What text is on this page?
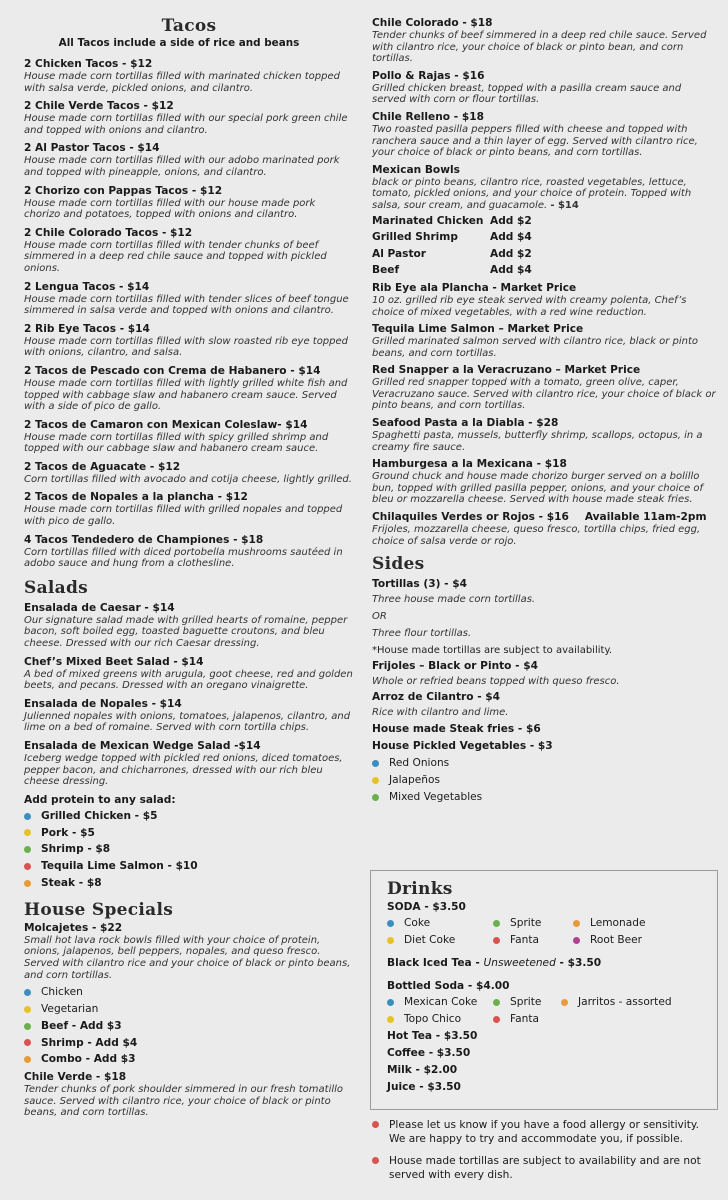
Tacos
All Tacos include a side of rice and beans
2 Chicken Tacos - $12
House made corn tortillas filled with marinated chicken topped with salsa verde, pickled onions, and cilantro.
2 Chile Verde Tacos - $12
House made corn tortillas filled with our special pork green chile and topped with onions and cilantro.
2 Al Pastor Tacos - $14
House made corn tortillas filled with our adobo marinated pork and topped with pineapple, onions, and cilantro.
2 Chorizo con Pappas Tacos - $12
House made corn tortillas filled with our house made pork chorizo and potatoes, topped with onions and cilantro.
2 Chile Colorado Tacos - $12
House made corn tortillas filled with tender chunks of beef simmered in a deep red chile sauce and topped with pickled onions.
2 Lengua Tacos - $14
House made corn tortillas filled with tender slices of beef tongue simmered in salsa verde and topped with onions and cilantro.
2 Rib Eye Tacos - $14
House made corn tortillas filled with slow roasted rib eye topped with onions, cilantro, and salsa.
2 Tacos de Pescado con Crema de Habanero - $14
House made corn tortillas filled with lightly grilled white fish and topped with cabbage slaw and habanero cream sauce. Served with a side of pico de gallo.
2 Tacos de Camaron con Mexican Coleslaw- $14
House made corn tortillas filled with spicy grilled shrimp and topped with our cabbage slaw and habanero cream sauce.
2 Tacos de Aguacate - $12
Corn tortillas filled with avocado and cotija cheese, lightly grilled.
2 Tacos de Nopales a la plancha - $12
House made corn tortillas filled with grilled nopales and topped with pico de gallo.
4 Tacos Tendedero de Championes - $18
Corn tortillas filled with diced portobella mushrooms sautéed in adobo sauce and hung from a clothesline.
Salads
Ensalada de Caesar - $14
Our signature salad made with grilled hearts of romaine, pepper bacon, soft boiled egg, toasted baguette croutons, and bleu cheese. Dressed with our rich Caesar dressing.
Chef’s Mixed Beet Salad - $14
A bed of mixed greens with arugula, goot cheese, red and golden beets, and pecans. Dressed with an oregano vinaigrette.
Ensalada de Nopales - $14
Julienned nopales with onions, tomatoes, jalapenos, cilantro, and lime on a bed of romaine. Served with corn tortilla chips.
Ensalada de Mexican Wedge Salad -$14
Iceberg wedge topped with pickled red onions, diced tomatoes, pepper bacon, and chicharrones, dressed with our rich bleu cheese dressing.
Add protein to any salad:
Grilled Chicken - $5
Pork - $5
Shrimp - $8
Tequila Lime Salmon - $10
Steak - $8
House Specials
Molcajetes - $22
Small hot lava rock bowls filled with your choice of protein, onions, jalapenos, bell peppers, nopales, and queso fresco. Served with cilantro rice and your choice of black or pinto beans, and corn tortillas.
Chicken
Vegetarian
Beef - Add $3
Shrimp - Add $4
Combo - Add $3
Chile Verde - $18
Tender chunks of pork shoulder simmered in our fresh tomatillo sauce. Served with cilantro rice, your choice of black or pinto beans, and corn tortillas.
Chile Colorado - $18
Tender chunks of beef simmered in a deep red chile sauce. Served with cilantro rice, your choice of black or pinto bean, and corn tortillas.
Pollo & Rajas - $16
Grilled chicken breast, topped with a pasilla cream sauce and served with corn or flour tortillas.
Chile Relleno - $18
Two roasted pasilla peppers filled with cheese and topped with ranchera sauce and a thin layer of egg. Served with cilantro rice, your choice of black or pinto beans, and corn tortillas.
Mexican Bowls
black or pinto beans, cilantro rice, roasted vegetables, lettuce, tomato, pickled onions, and your choice of protein. Topped with salsa, sour cream, and guacamole. - $14
Marinated Chicken Add $2
Grilled Shrimp	Add $4
Al Pastor	Add $2
Beef	Add $4
Rib Eye ala Plancha - Market Price
10 oz. grilled rib eye steak served with creamy polenta, Chef’s choice of mixed vegetables, with a red wine reduction.
Tequila Lime Salmon – Market Price
Grilled marinated salmon served with cilantro rice, black or pinto beans, and corn tortillas.
Red Snapper a la Veracruzano – Market Price
Grilled red snapper topped with a tomato, green olive, caper, Veracruzano sauce. Served with cilantro rice, your choice of black or pinto beans, and corn tortillas.
Seafood Pasta a la Diabla - $28
Spaghetti pasta, mussels, butterfly shrimp, scallops, octopus, in a creamy fire sauce.
Hamburgesa a la Mexicana - $18
Ground chuck and house made chorizo burger served on a bolillo bun, topped with grilled pasilla pepper, onions, and your choice of bleu or mozzarella cheese. Served with house made steak fries.
Chilaquiles Verdes or Rojos - $16 Available 11am-2pm
Frijoles, mozzarella cheese, queso fresco, tortilla chips, fried egg, choice of salsa verde or rojo.
Sides
Tortillas (3) - $4
Three house made corn tortillas.
OR
Three flour tortillas.
*House made tortillas are subject to availability.
Frijoles – Black or Pinto - $4
Whole or refried beans topped with queso fresco.
Arroz de Cilantro - $4
Rice with cilantro and lime.
House made Steak fries - $6
House Pickled Vegetables - $3
Red Onions
Jalapeños
Mixed Vegetables
Drinks
SODA - $3.50
Coke	Sprite	Lemonade
Diet Coke	Fanta	Root Beer
Black Iced Tea - Unsweetened - $3.50
Bottled Soda - $4.00
Mexican Coke	Sprite	Jarritos - assorted
Topo Chico	Fanta
Hot Tea - $3.50
Coffee - $3.50
Milk - $2.00
Juice - $3.50
Please let us know if you have a food allergy or sensitivity. We are happy to try and accommodate you, if possible.
House made tortillas are subject to availability and are not served with every dish.
